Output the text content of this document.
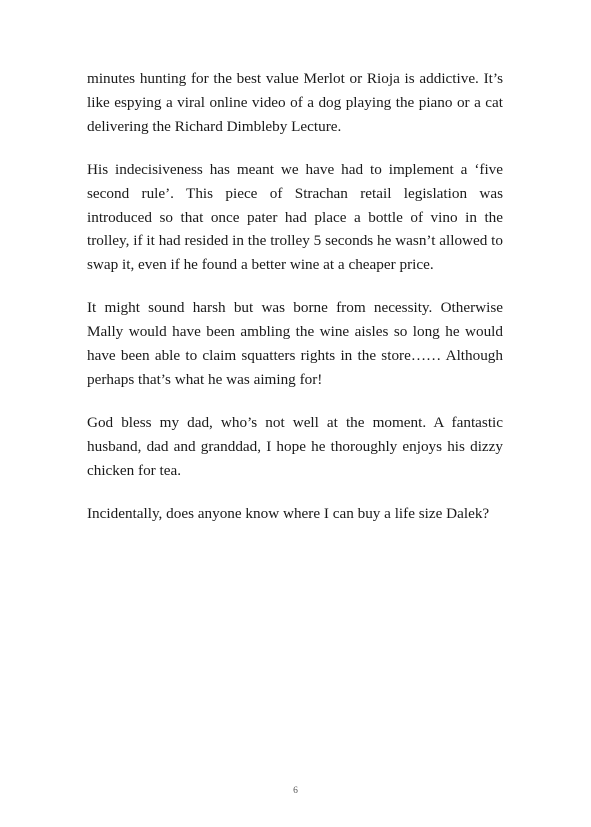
minutes hunting for the best value Merlot or Rioja is addictive. It’s like espying a viral online video of a dog playing the piano or a cat delivering the Richard Dimbleby Lecture.

His indecisiveness has meant we have had to implement a ‘five second rule’. This piece of Strachan retail legislation was introduced so that once pater had place a bottle of vino in the trolley, if it had resided in the trolley 5 seconds he wasn’t allowed to swap it, even if he found a better wine at a cheaper price.

It might sound harsh but was borne from necessity. Otherwise Mally would have been ambling the wine aisles so long he would have been able to claim squatters rights in the store…… Although perhaps that’s what he was aiming for!

God bless my dad, who’s not well at the moment. A fantastic husband, dad and granddad, I hope he thoroughly enjoys his dizzy chicken for tea.

Incidentally, does anyone know where I can buy a life size Dalek?

6
